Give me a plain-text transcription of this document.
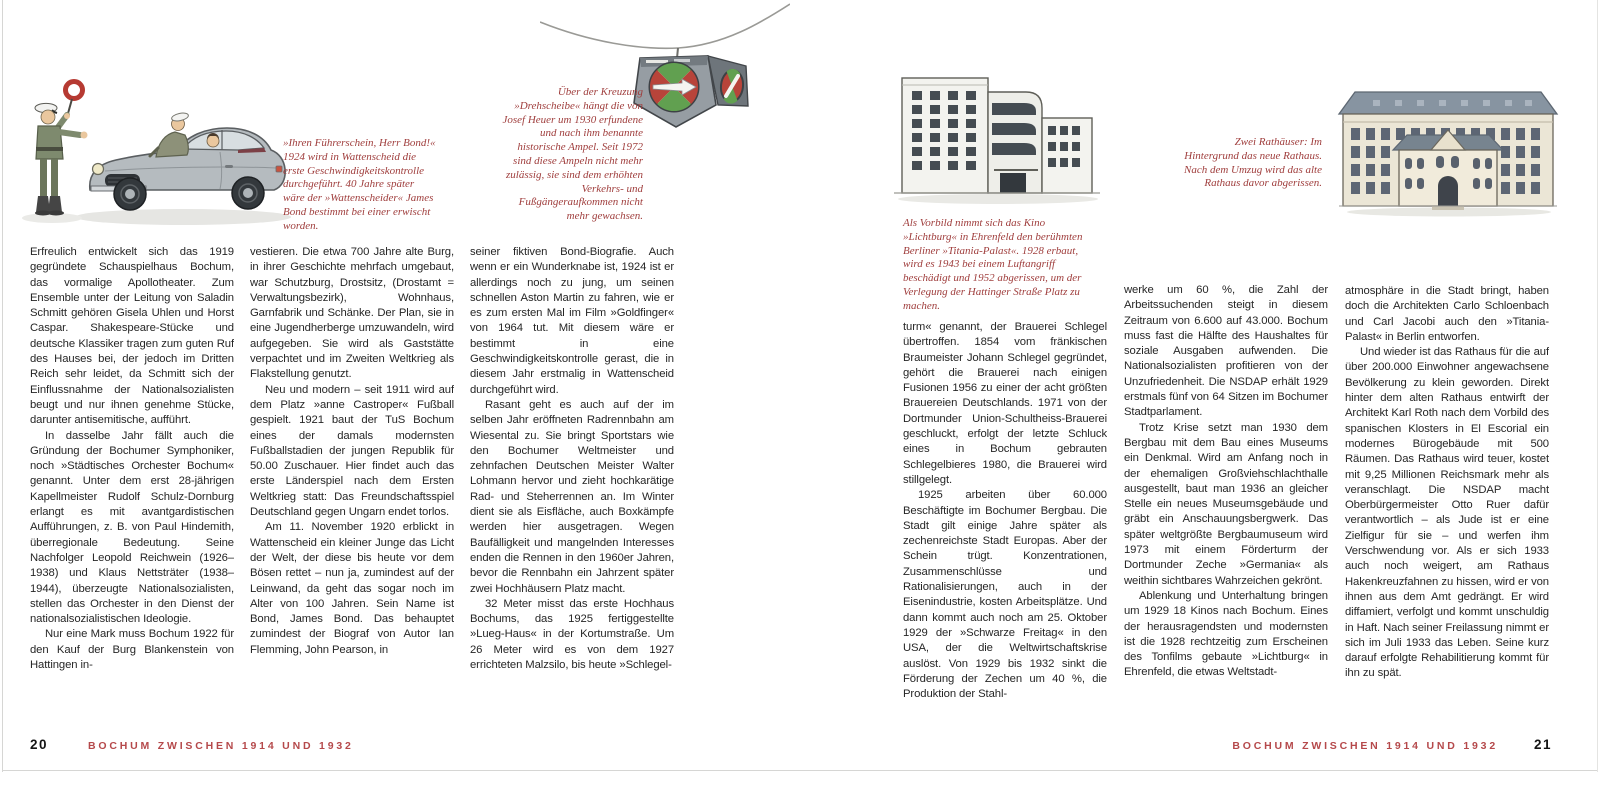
»Ihren Führerschein, Herr Bond!« 1924 wird in Wattenscheid die erste Geschwindigkeitskontrolle durchgeführt. 40 Jahre später wäre der »Wattenscheider« James Bond bestimmt bei einer erwischt worden.
Über der Kreuzung »Drehscheibe« hängt die von Josef Heuer um 1930 erfundene und nach ihm benannte historische Ampel. Seit 1972 sind diese Ampeln nicht mehr zulässig, sie sind dem erhöhten Verkehrs- und Fußgängeraufkommen nicht mehr gewachsen.
Als Vorbild nimmt sich das Kino »Lichtburg« in Ehrenfeld den berühmten Berliner »Titania-Palast«. 1928 erbaut, wird es 1943 bei einem Luftangriff beschädigt und 1952 abgerissen, um der Verlegung der Hattinger Straße Platz zu machen.
Zwei Rathäuser: Im Hintergrund das neue Rathaus. Nach dem Umzug wird das alte Rathaus davor abgerissen.

Erfreulich entwickelt sich das 1919 gegründete Schauspielhaus Bochum, das vormalige Apollotheater. Zum Ensemble unter der Leitung von Saladin Schmitt gehören Gisela Uhlen und Horst Caspar. Shakespeare-Stücke und deutsche Klassiker tragen zum guten Ruf des Hauses bei, der jedoch im Dritten Reich sehr leidet, da Schmitt sich der Einflussnahme der Nationalsozialisten beugt und nur ihnen genehme Stücke, darunter antisemitische, aufführt.

In dasselbe Jahr fällt auch die Gründung der Bochumer Symphoniker, noch »Städtisches Orchester Bochum« genannt. Unter dem erst 28-jährigen Kapellmeister Rudolf Schulz-Dornburg erlangt es mit avantgardistischen Aufführungen, z. B. von Paul Hindemith, überregionale Bedeutung. Seine Nachfolger Leopold Reichwein (1926–1938) und Klaus Nettsträter (1938–1944), überzeugte Nationalsozialisten, stellen das Orchester in den Dienst der nationalsozialistischen Ideologie.

Nur eine Mark muss Bochum 1922 für den Kauf der Burg Blankenstein von Hattingen in-

vestieren. Die etwa 700 Jahre alte Burg, in ihrer Geschichte mehrfach umgebaut, war Schutzburg, Drostsitz, (Drostamt = Verwaltungsbezirk), Wohnhaus, Garnfabrik und Schänke. Der Plan, sie in eine Jugendherberge umzuwandeln, wird aufgegeben. Sie wird als Gaststätte verpachtet und im Zweiten Weltkrieg als Flakstellung genutzt.

Neu und modern – seit 1911 wird auf dem Platz »anne Castroper« Fußball gespielt. 1921 baut der TuS Bochum eines der damals modernsten Fußballstadien der jungen Republik für 50.00 Zuschauer. Hier findet auch das erste Länderspiel nach dem Ersten Weltkrieg statt: Das Freundschaftsspiel Deutschland gegen Ungarn endet torlos.

Am 11. November 1920 erblickt in Wattenscheid ein kleiner Junge das Licht der Welt, der diese bis heute vor dem Bösen rettet – nun ja, zumindest auf der Leinwand, da geht das sogar noch im Alter von 100 Jahren. Sein Name ist Bond, James Bond. Das behauptet zumindest der Biograf von Autor Ian Flemming, John Pearson, in

seiner fiktiven Bond-Biografie. Auch wenn er ein Wunderknabe ist, 1924 ist er allerdings noch zu jung, um seinen schnellen Aston Martin zu fahren, wie er es zum ersten Mal im Film »Goldfinger« von 1964 tut. Mit diesem wäre er bestimmt in eine Geschwindigkeitskontrolle gerast, die in diesem Jahr erstmalig in Wattenscheid durchgeführt wird.

Rasant geht es auch auf der im selben Jahr eröffneten Radrennbahn am Wiesental zu. Sie bringt Sportstars wie den Bochumer Weltmeister und zehnfachen Deutschen Meister Walter Lohmann hervor und zieht hochkarätige Rad- und Steherrennen an. Im Winter dient sie als Eisfläche, auch Boxkämpfe werden hier ausgetragen. Wegen Baufälligkeit und mangelnden Interesses enden die Rennen in den 1960er Jahren, bevor die Rennbahn ein Jahrzent später zwei Hochhäusern Platz macht.

32 Meter misst das erste Hochhaus Bochums, das 1925 fertiggestellte »Lueg-Haus« in der Kortumstraße. Um 26 Meter wird es von dem 1927 errichteten Malzsilo, bis heute »Schlegel-

turm« genannt, der Brauerei Schlegel übertroffen. 1854 vom fränkischen Braumeister Johann Schlegel gegründet, gehört die Brauerei nach einigen Fusionen 1956 zu einer der acht größten Brauereien Deutschlands. 1971 von der Dortmunder Union-Schultheiss-Brauerei geschluckt, erfolgt der letzte Schluck eines in Bochum gebrauten Schlegelbieres 1980, die Brauerei wird stillgelegt.

1925 arbeiten über 60.000 Beschäftigte im Bochumer Bergbau. Die Stadt gilt einige Jahre später als zechenreichste Stadt Europas. Aber der Schein trügt. Konzentrationen, Zusammenschlüsse und Rationalisierungen, auch in der Eisenindustrie, kosten Arbeitsplätze. Und dann kommt auch noch am 25. Oktober 1929 der »Schwarze Freitag« in den USA, der die Weltwirtschaftskrise auslöst. Von 1929 bis 1932 sinkt die Förderung der Zechen um 40 %, die Produktion der Stahl-

werke um 60 %, die Zahl der Arbeitssuchenden steigt in diesem Zeitraum von 6.600 auf 43.000. Bochum muss fast die Hälfte des Haushaltes für soziale Ausgaben aufwenden. Die Nationalsozialisten profitieren von der Unzufriedenheit. Die NSDAP erhält 1929 erstmals fünf von 64 Sitzen im Bochumer Stadtparlament.

Trotz Krise setzt man 1930 dem Bergbau mit dem Bau eines Museums ein Denkmal. Wird am Anfang noch in der ehemaligen Großviehschlachthalle ausgestellt, baut man 1936 an gleicher Stelle ein neues Museumsgebäude und gräbt ein Anschauungsbergwerk. Das später weltgrößte Bergbaumuseum wird 1973 mit einem Förderturm der Dortmunder Zeche »Germania« als weithin sichtbares Wahrzeichen gekrönt.

Ablenkung und Unterhaltung bringen um 1929 18 Kinos nach Bochum. Eines der herausragendsten und modernsten ist die 1928 rechtzeitig zum Erscheinen des Tonfilms gebaute »Lichtburg« in Ehrenfeld, die etwas Weltstadt-

atmosphäre in die Stadt bringt, haben doch die Architekten Carlo Schloenbach und Carl Jacobi auch den »Titania-Palast« in Berlin entworfen.

Und wieder ist das Rathaus für die auf über 200.000 Einwohner angewachsene Bevölkerung zu klein geworden. Direkt hinter dem alten Rathaus entwirft der Architekt Karl Roth nach dem Vorbild des spanischen Klosters in El Escorial ein modernes Bürogebäude mit 500 Räumen. Das Rathaus wird teuer, kostet mit 9,25 Millionen Reichsmark mehr als veranschlagt. Die NSDAP macht Oberbürgermeister Otto Ruer dafür verantwortlich – als Jude ist er eine Zielfigur für sie – und werfen ihm Verschwendung vor. Als er sich 1933 auch noch weigert, am Rathaus Hakenkreuzfahnen zu hissen, wird er von ihnen aus dem Amt gedrängt. Er wird diffamiert, verfolgt und kommt unschuldig in Haft. Nach seiner Freilassung nimmt er sich im Juli 1933 das Leben. Seine kurz darauf erfolgte Rehabilitierung kommt für ihn zu spät.

20	BOCHUM ZWISCHEN 1914 UND 1932	BOCHUM ZWISCHEN 1914 UND 1932	21
